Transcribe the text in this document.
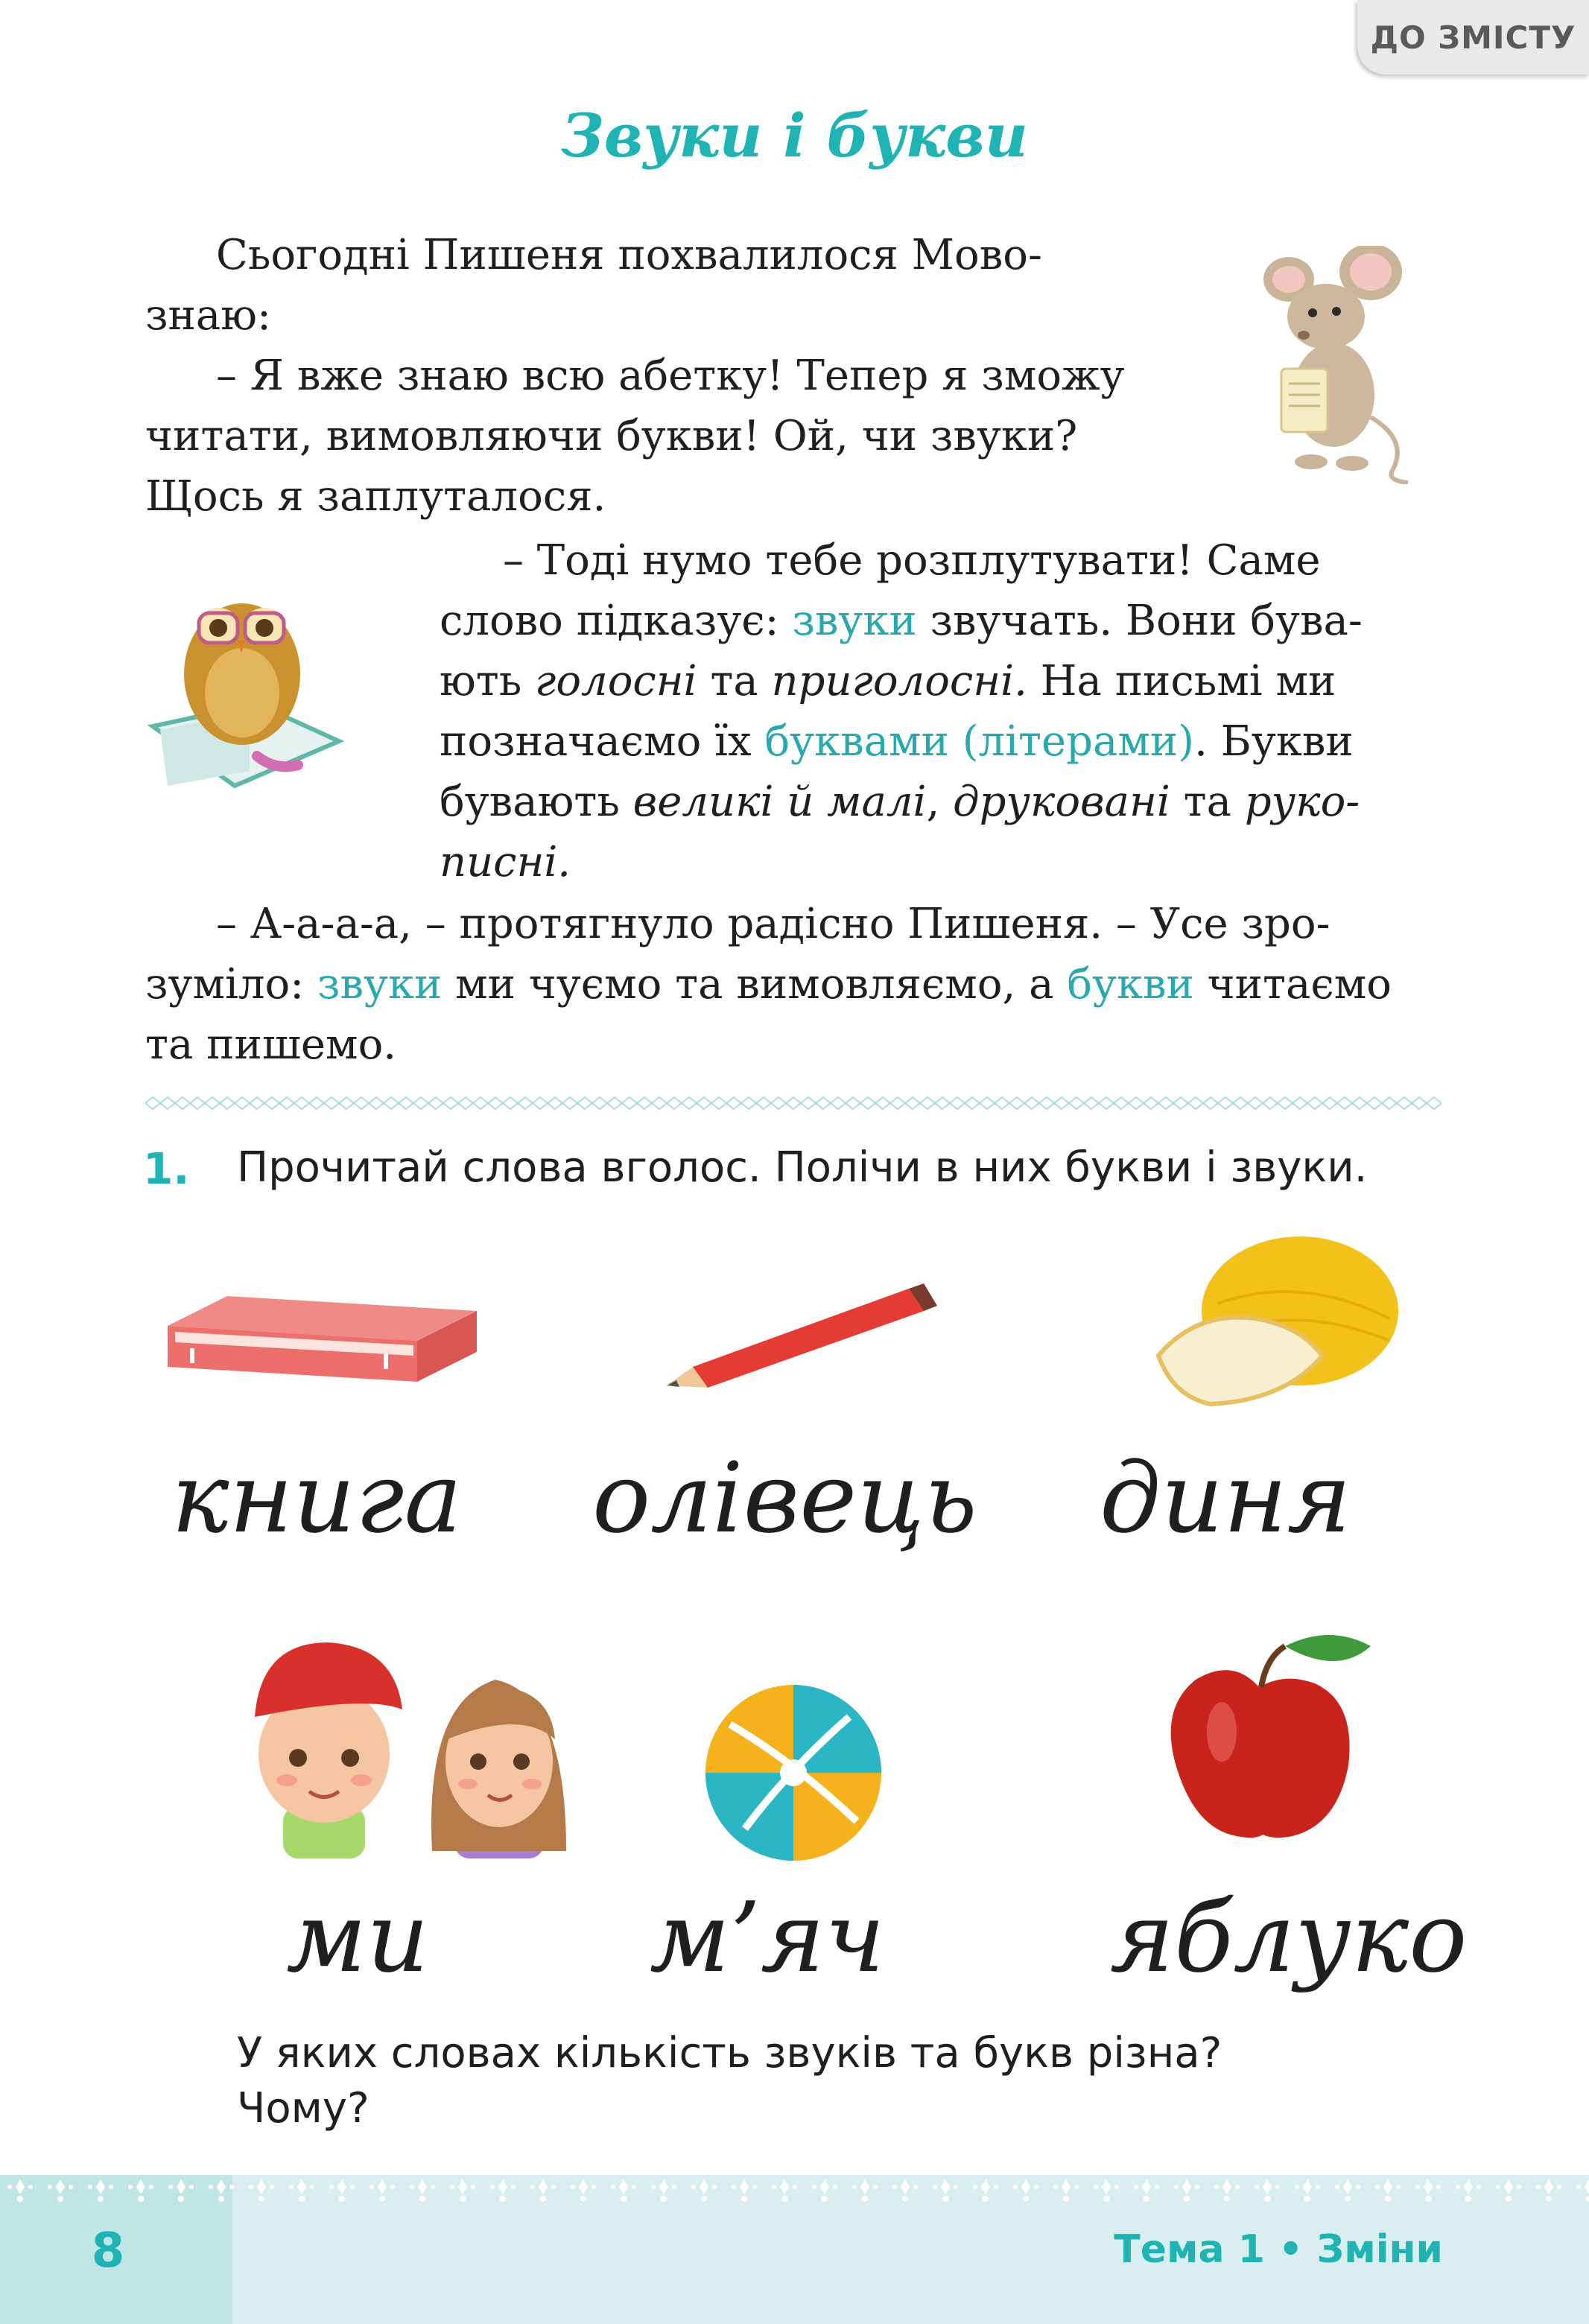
ДО ЗМІСТУ
Звуки і букви
Сьогодні Пишеня похвалилося Мово-
знаю:
– Я вже знаю всю абетку! Тепер я зможу
читати, вимовляючи букви! Ой, чи звуки?
Щось я заплуталося.
– Тоді нумо тебе розплутувати! Саме
слово підказує: звуки звучать. Вони бува-
ють голосні та приголосні. На письмі ми
позначаємо їх буквами (літерами). Букви
бувають великі й малі, друковані та руко-
писні.
– А-а-а-а, – протягнуло радісно Пишеня. – Усе зро-
зуміло: звуки ми чуємо та вимовляємо, а букви читаємо
та пишемо.
1. Прочитай слова вголос. Полічи в них букви і звуки.
книга олівець диня
ми	м’яч яблуко
У яких словах кількість звуків та букв різна?
Чому?
8	Тема 1 • Зміни
